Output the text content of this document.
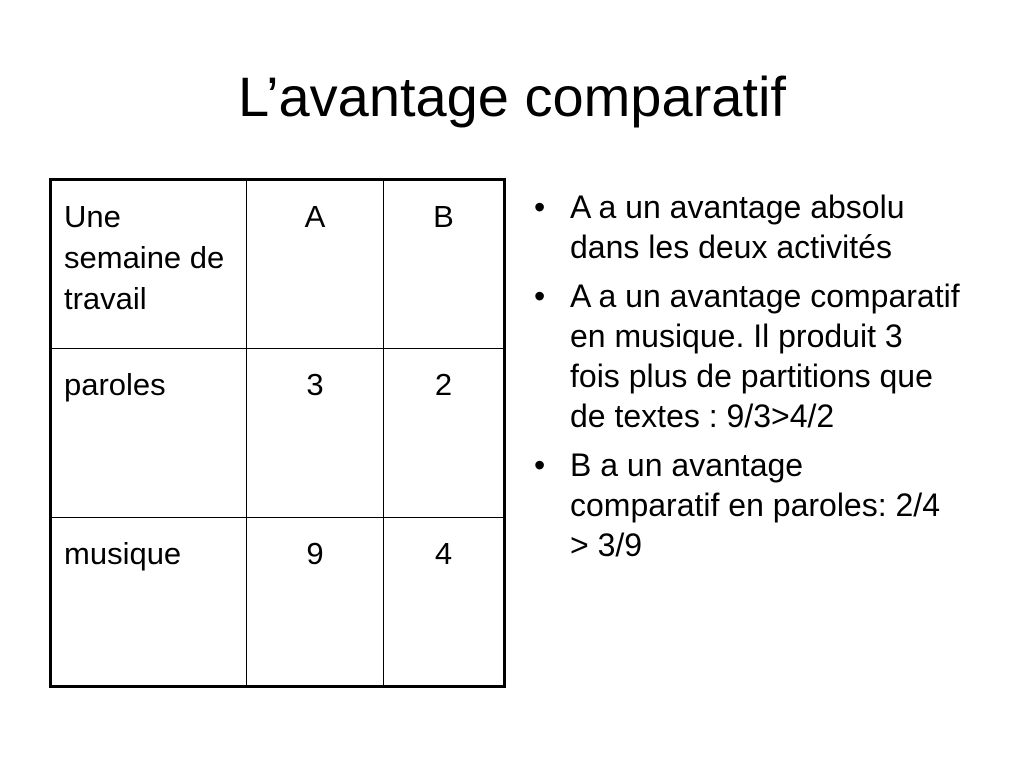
L’avantage comparatif
Une semaine de travail	A	B
paroles	3	2
musique	9	4
• A a un avantage absolu dans les deux activités
• A a un avantage comparatif en musique. Il produit 3 fois plus de partitions que de textes : 9/3>4/2
• B a un avantage comparatif en paroles: 2/4 > 3/9
